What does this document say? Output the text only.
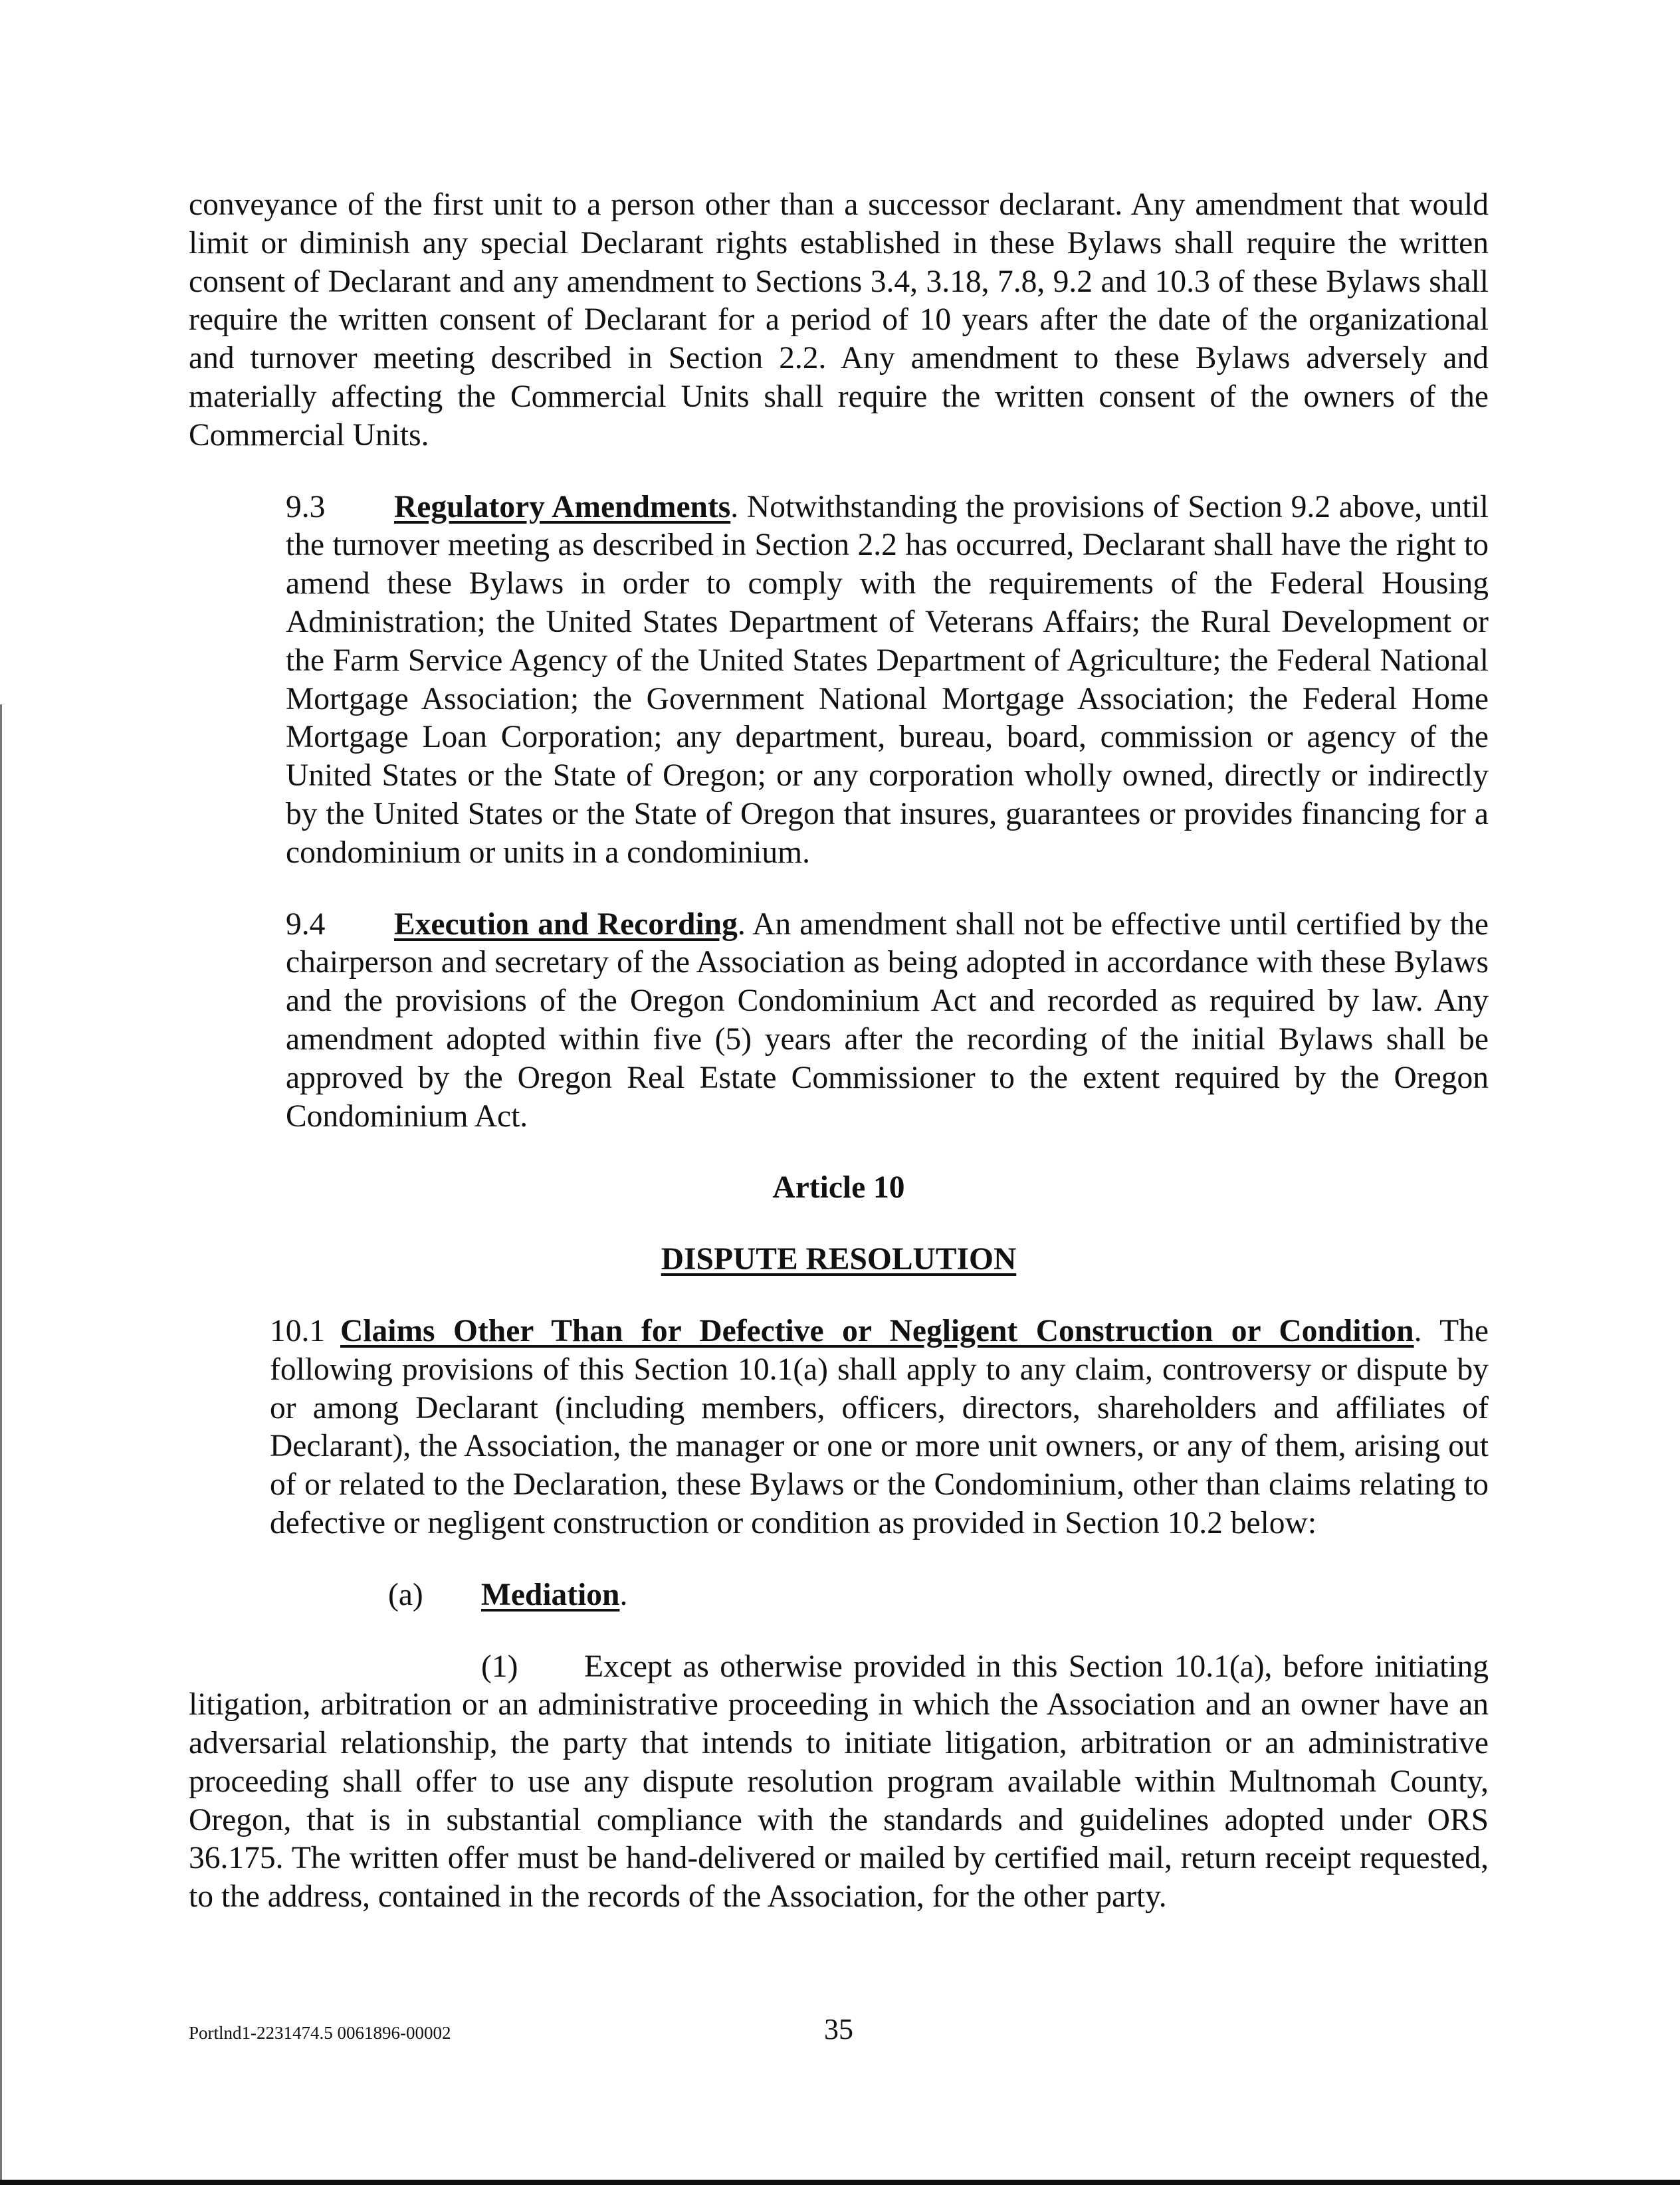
conveyance of the first unit to a person other than a successor declarant. Any amendment that would limit or diminish any special Declarant rights established in these Bylaws shall require the written consent of Declarant and any amendment to Sections 3.4, 3.18, 7.8, 9.2 and 10.3 of these Bylaws shall require the written consent of Declarant for a period of 10 years after the date of the organizational and turnover meeting described in Section 2.2. Any amendment to these Bylaws adversely and materially affecting the Commercial Units shall require the written consent of the owners of the Commercial Units.

9.3 Regulatory Amendments. Notwithstanding the provisions of Section 9.2 above, until the turnover meeting as described in Section 2.2 has occurred, Declarant shall have the right to amend these Bylaws in order to comply with the requirements of the Federal Housing Administration; the United States Department of Veterans Affairs; the Rural Development or the Farm Service Agency of the United States Department of Agriculture; the Federal National Mortgage Association; the Government National Mortgage Association; the Federal Home Mortgage Loan Corporation; any department, bureau, board, commission or agency of the United States or the State of Oregon; or any corporation wholly owned, directly or indirectly by the United States or the State of Oregon that insures, guarantees or provides financing for a condominium or units in a condominium.

9.4 Execution and Recording. An amendment shall not be effective until certified by the chairperson and secretary of the Association as being adopted in accordance with these Bylaws and the provisions of the Oregon Condominium Act and recorded as required by law. Any amendment adopted within five (5) years after the recording of the initial Bylaws shall be approved by the Oregon Real Estate Commissioner to the extent required by the Oregon Condominium Act.

Article 10

DISPUTE RESOLUTION

10.1 Claims Other Than for Defective or Negligent Construction or Condition. The following provisions of this Section 10.1(a) shall apply to any claim, controversy or dispute by or among Declarant (including members, officers, directors, shareholders and affiliates of Declarant), the Association, the manager or one or more unit owners, or any of them, arising out of or related to the Declaration, these Bylaws or the Condominium, other than claims relating to defective or negligent construction or condition as provided in Section 10.2 below:

(a) Mediation.

(1) Except as otherwise provided in this Section 10.1(a), before initiating litigation, arbitration or an administrative proceeding in which the Association and an owner have an adversarial relationship, the party that intends to initiate litigation, arbitration or an administrative proceeding shall offer to use any dispute resolution program available within Multnomah County, Oregon, that is in substantial compliance with the standards and guidelines adopted under ORS 36.175. The written offer must be hand-delivered or mailed by certified mail, return receipt requested, to the address, contained in the records of the Association, for the other party.

Portlnd1-2231474.5 0061896-00002	35
